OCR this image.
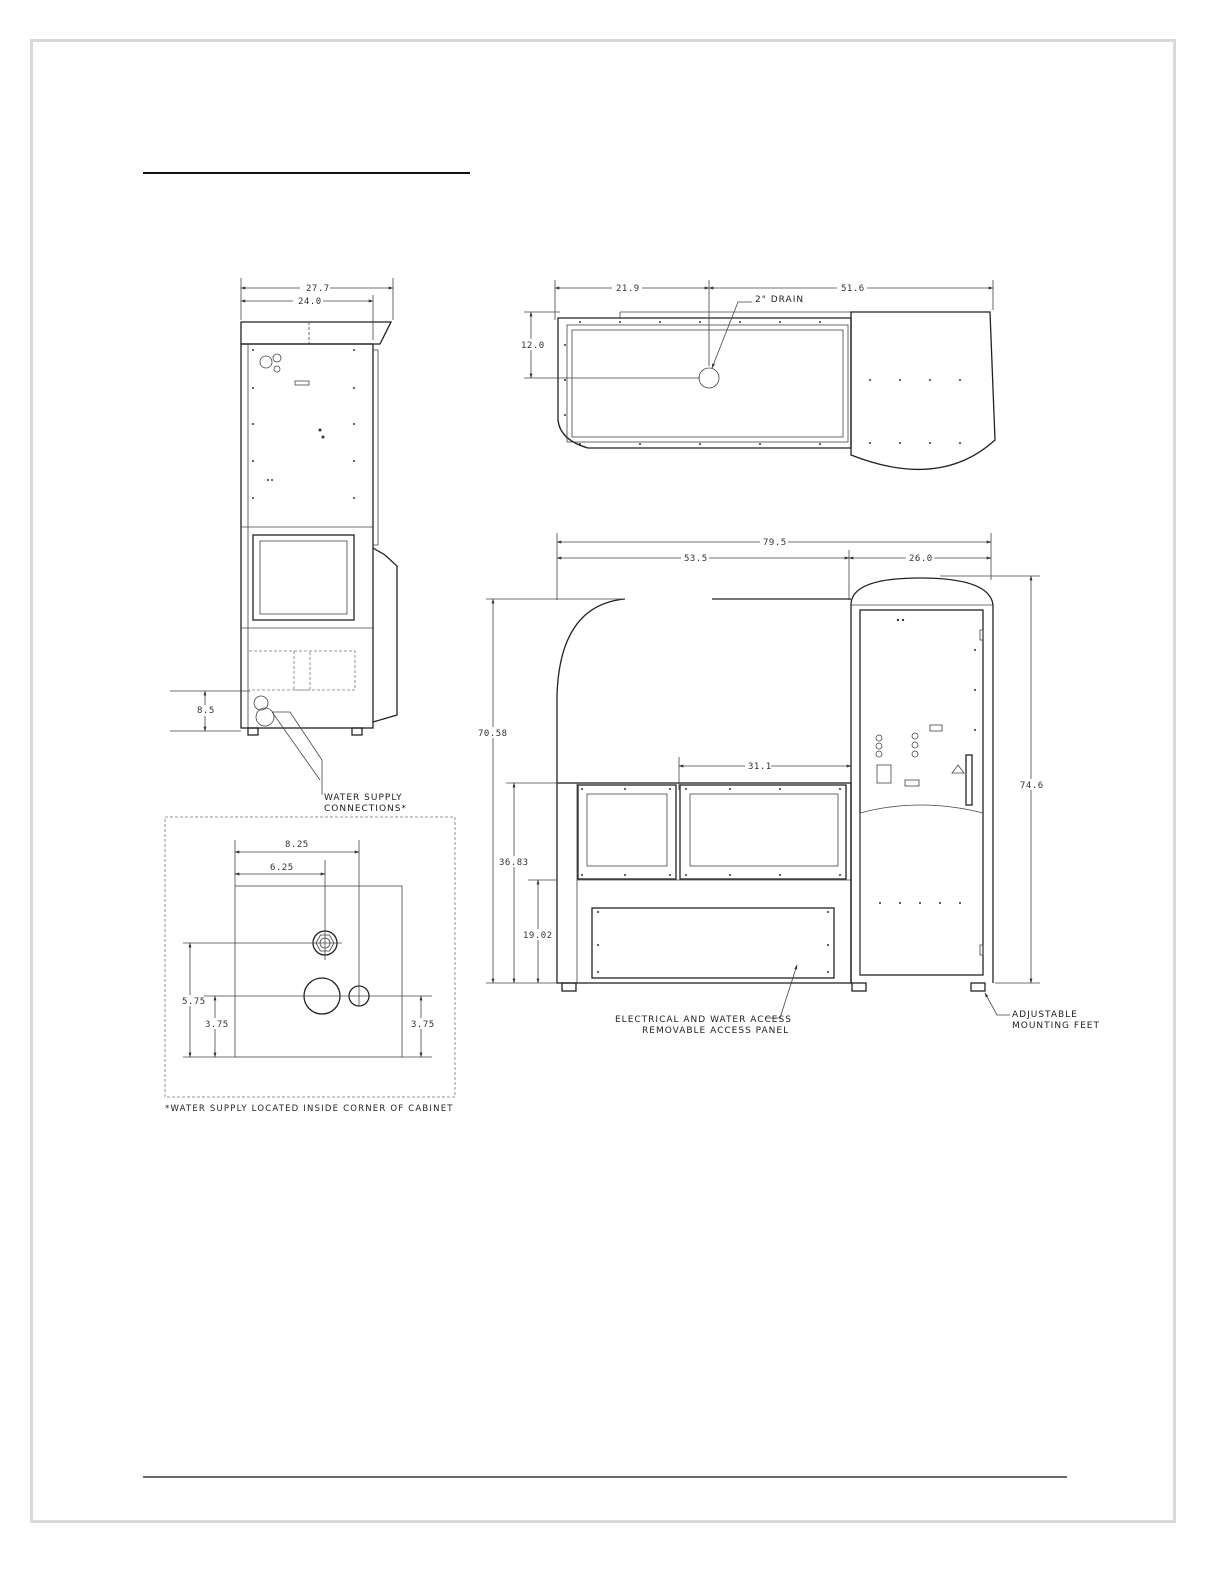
27.7
24.0
8.5
WATER SUPPLY
CONNECTIONS*
8.25
6.25
5.75
3.75	3.75
*WATER SUPPLY LOCATED INSIDE CORNER OF CABINET
21.9	51.6
12.0
2" DRAIN
79.5
53.5	26.0
31.1
70.58
36.83
19.02
74.6
ELECTRICAL AND WATER ACCESS
REMOVABLE ACCESS PANEL
ADJUSTABLE
MOUNTING FEET
